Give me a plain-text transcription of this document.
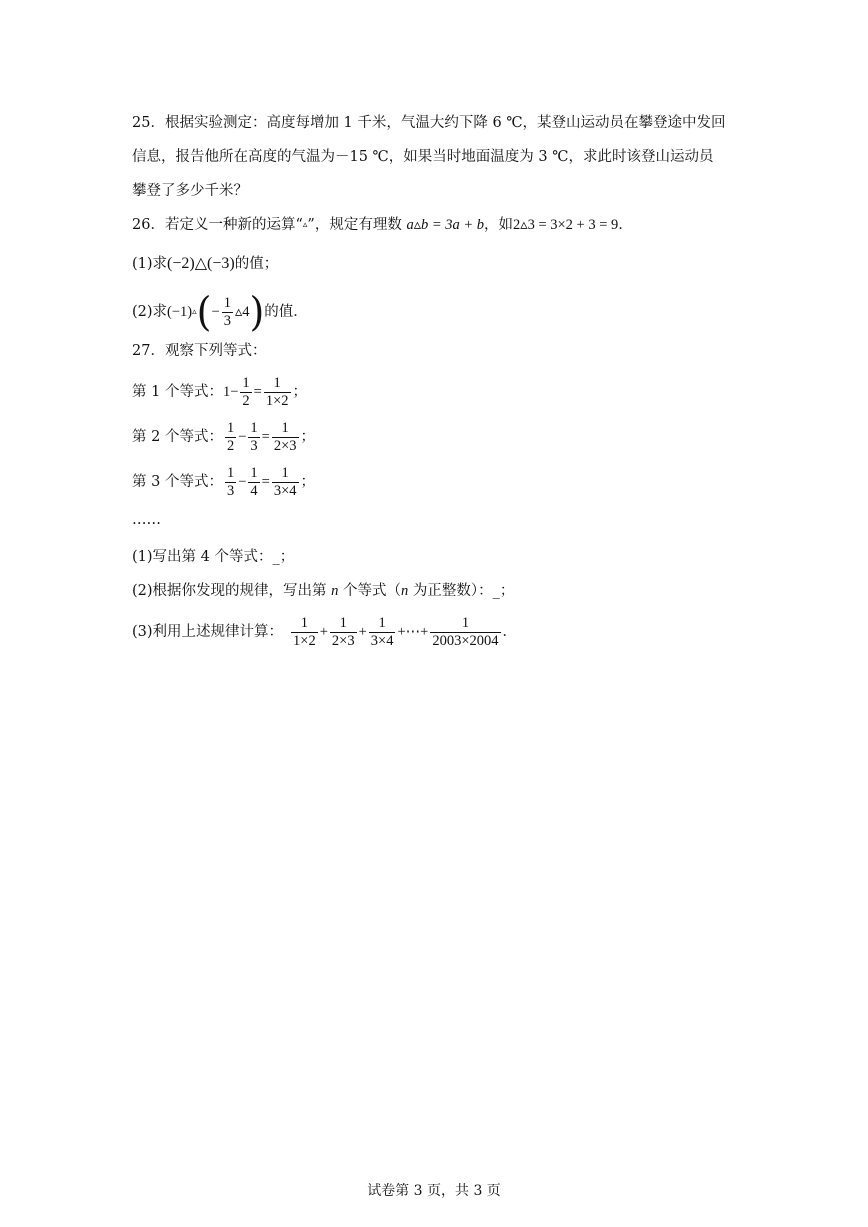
25．根据实验测定：高度每增加 1 千米，气温大约下降 6 ℃，某登山运动员在攀登途中发回
信息，报告他所在高度的气温为－15 ℃，如果当时地面温度为 3 ℃，求此时该登山运动员
攀登了多少千米？
26．若定义一种新的运算“▵”，规定有理数 a▵b = 3a + b，如2▵3 = 3×2 + 3 = 9．
(1)求(−2)△(−3)的值；
(2)求(−1)▵(− $\frac{1}{3}$ ▵4)的值．
27．观察下列等式：
第 1 个等式：$1- \frac{1}{2} = \frac{1}{1\times 2}$ ；
第 2 个等式： $\frac{1}{2} - \frac{1}{3} = \frac{1}{2\times 3}$ ；
第 3 个等式： $\frac{1}{3} - \frac{1}{4} = \frac{1}{3\times 4}$ ；
……
(1)写出第 4 个等式：_；
(2)根据你发现的规律，写出第 n 个等式（n 为正整数）：_；
(3)利用上述规律计算： $\frac{1}{1\times 2} + \frac{1}{2\times 3} + \frac{1}{3\times 4}$ +⋯+ $\frac{1}{2003\times 2004}$ ．
试卷第 3 页，共 3 页
